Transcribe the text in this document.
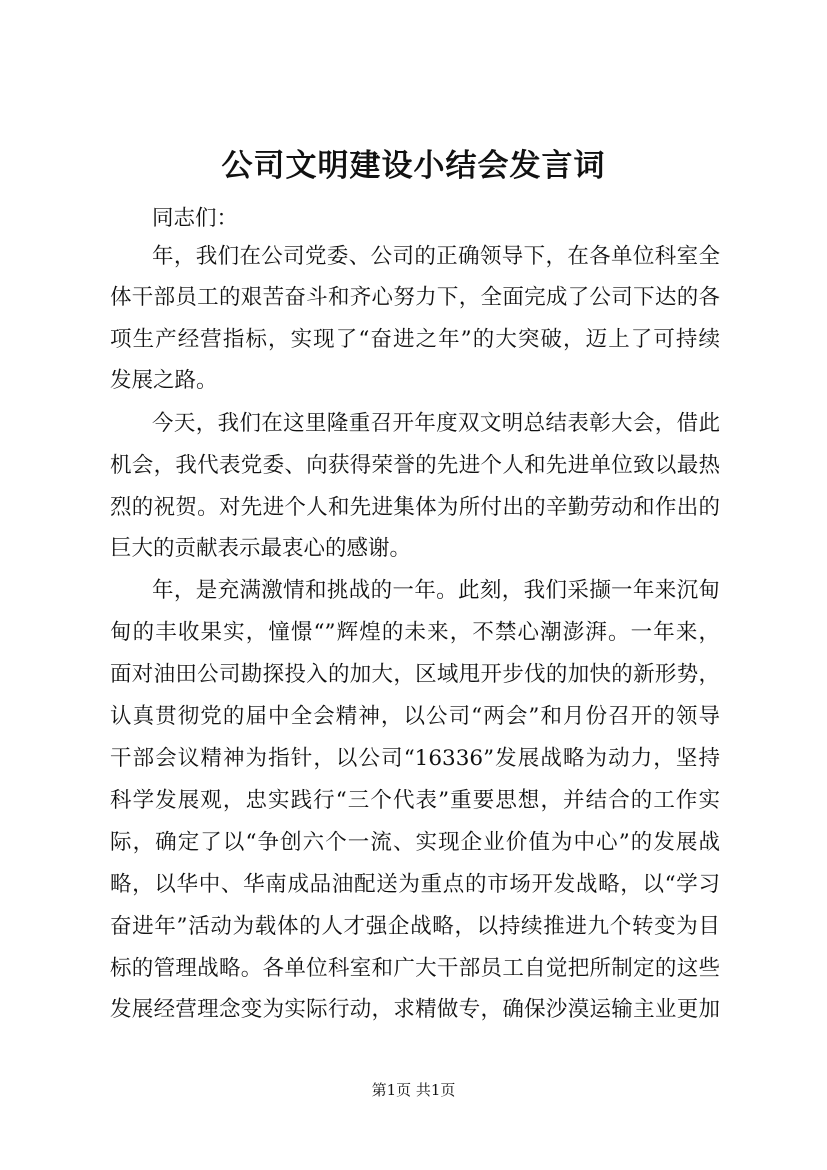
公司文明建设小结会发言词
同志们：
年，我们在公司党委、公司的正确领导下，在各单位科室全
体干部员工的艰苦奋斗和齐心努力下，全面完成了公司下达的各
项生产经营指标，实现了“奋进之年”的大突破，迈上了可持续
发展之路。
今天，我们在这里隆重召开年度双文明总结表彰大会，借此
机会，我代表党委、向获得荣誉的先进个人和先进单位致以最热
烈的祝贺。对先进个人和先进集体为所付出的辛勤劳动和作出的
巨大的贡献表示最衷心的感谢。
年，是充满激情和挑战的一年。此刻，我们采撷一年来沉甸
甸的丰收果实，憧憬“”辉煌的未来，不禁心潮澎湃。一年来，
面对油田公司勘探投入的加大，区域甩开步伐的加快的新形势，
认真贯彻党的届中全会精神，以公司“两会”和月份召开的领导
干部会议精神为指针，以公司“16336”发展战略为动力，坚持
科学发展观，忠实践行“三个代表”重要思想，并结合的工作实
际，确定了以“争创六个一流、实现企业价值为中心”的发展战
略，以华中、华南成品油配送为重点的市场开发战略，以“学习
奋进年”活动为载体的人才强企战略，以持续推进九个转变为目
标的管理战略。各单位科室和广大干部员工自觉把所制定的这些
发展经营理念变为实际行动，求精做专，确保沙漠运输主业更加
第1页 共1页
